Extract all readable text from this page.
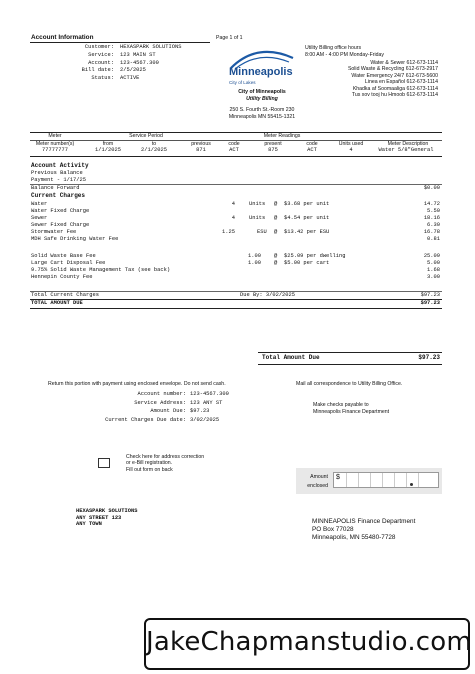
Account Information	Page 1 of 1
Customer: HEXASPARK SOLUTIONS
Service: 123 MAIN ST
Account: 123-4567.300
Bill date: 2/5/2025
Status: ACTIVE
Minneapolis
City of Lakes
City of Minneapolis
Utility Billing
250 S. Fourth St.-Room 230
Minneapolis MN 55415-1321
Utility Billing office hours
8:00 AM - 4:00 PM Monday-Friday
Water & Sewer 612-673-1114
Solid Waste & Recycling 612-673-2917
Water Emergency 24/7 612-673-5600
Linea en Español 612-673-1114
Khadka af Soomaaliga 612-673-1114
Tus xov tooj hu Hmoob 612-673-1114
Service Period	Meter Readings
Meter
Meter number(s)	from	to	previous	code	present	code	Units used	Meter Description
77777777	1/1/2025	2/1/2025	871	ACT	875	ACT	4	Water 5/8"General
Account Activity
Previous Balance
Payment - 1/17/25
Balance Forward	$0.00
Current Charges
Water	4	Units @ $3.68 per unit	14.72
Water Fixed Charge	5.50
Sewer	4	Units @ $4.54 per unit	18.16
Sewer Fixed Charge	6.30
Stormwater Fee	1.25	ESU @ $13.42 per ESU	16.78
MDH Safe Drinking Water Fee	0.81
Solid Waste Base Fee	1.00 @ $25.09 per dwelling	25.09
Large Cart Disposal Fee	1.00 @ $5.00 per cart	5.00
9.75% Solid Waste Management Tax (see back)	1.68
Hennepin County Fee	3.00
Total Current Charges	Due By: 3/02/2025	$97.23
TOTAL AMOUNT DUE	$97.23
Total Amount Due	$97.23
Return this portion with payment using enclosed envelope. Do not send cash.	Mail all correspondence to Utility Billing Office.
Account number: 123-4567.300
Service Address: 123 ANY ST
Amount Due: $97.23
Current Charges Due date: 3/02/2025
Make checks payable to
Minneapolis Finance Department
Check here for address correction
or e-Bill registration.
Fill out form on back
Amount
enclosed
$
HEXASPARK SOLUTIONS
ANY STREET 123
ANY TOWN	MINNEAPOLIS Finance Department
PO Box 77028
Minneapolis, MN 55480-7728
JakeChapmanstudio.com
